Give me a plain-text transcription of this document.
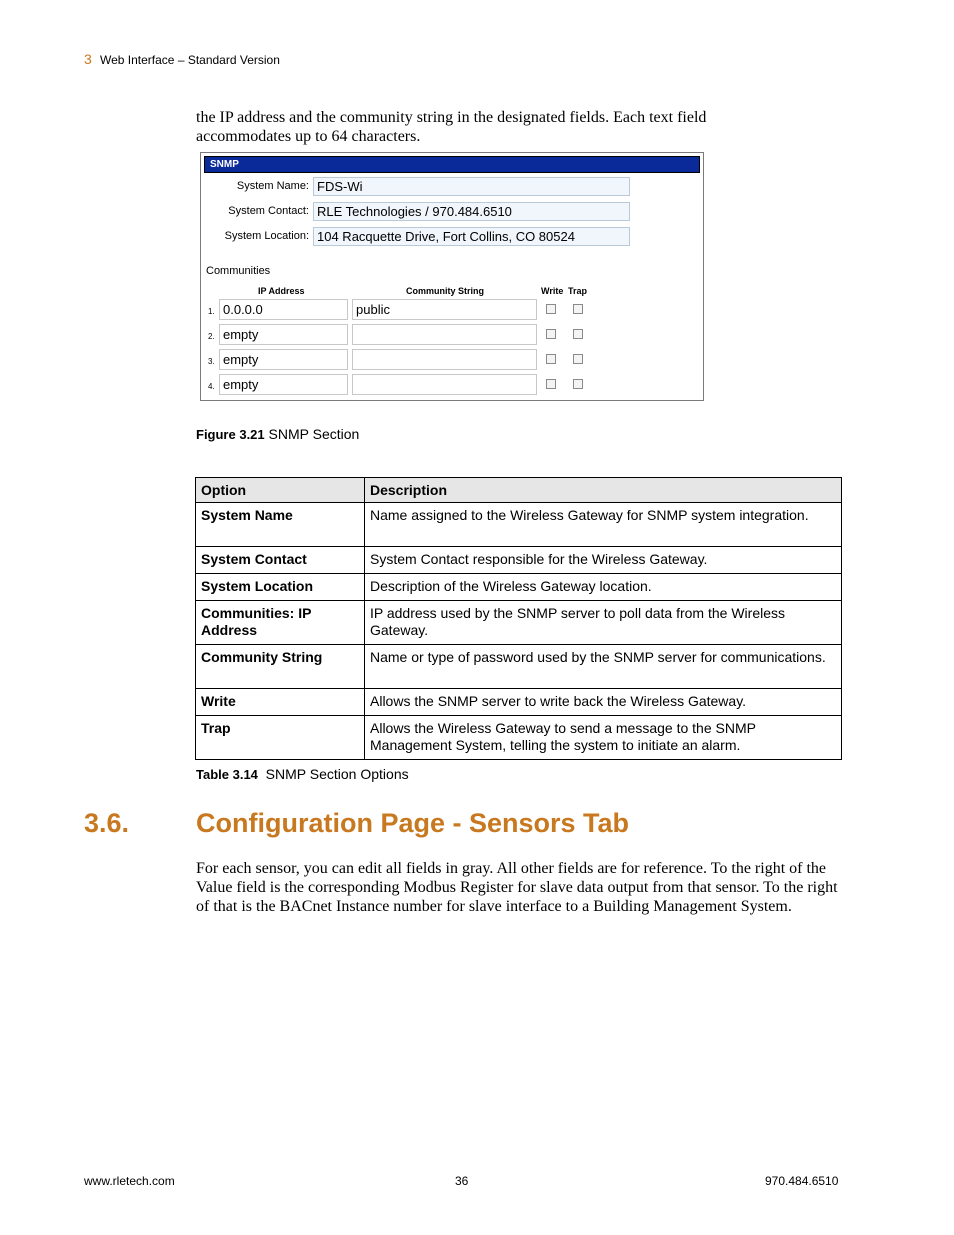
3 Web Interface – Standard Version
the IP address and the community string in the designated fields. Each text field accommodates up to 64 characters.
SNMP
System Name: FDS-Wi
System Contact: RLE Technologies / 970.484.6510
System Location: 104 Racquette Drive, Fort Collins, CO 80524
Communities
IP Address	Community String	Write Trap
1. 0.0.0.0	public
2. empty
3. empty
4. empty
Figure 3.21 SNMP Section
Option	Description
System Name	Name assigned to the Wireless Gateway for SNMP system integration.
System Contact	System Contact responsible for the Wireless Gateway.
System Location	Description of the Wireless Gateway location.
Communities: IP Address	IP address used by the SNMP server to poll data from the Wireless Gateway.
Community String	Name or type of password used by the SNMP server for communications.
Write	Allows the SNMP server to write back the Wireless Gateway.
Trap	Allows the Wireless Gateway to send a message to the SNMP Management System, telling the system to initiate an alarm.
Table 3.14  SNMP Section Options
3.6. Configuration Page - Sensors Tab
For each sensor, you can edit all fields in gray. All other fields are for reference. To the right of the Value field is the corresponding Modbus Register for slave data output from that sensor. To the right of that is the BACnet Instance number for slave interface to a Building Management System.
www.rletech.com	36	970.484.6510
